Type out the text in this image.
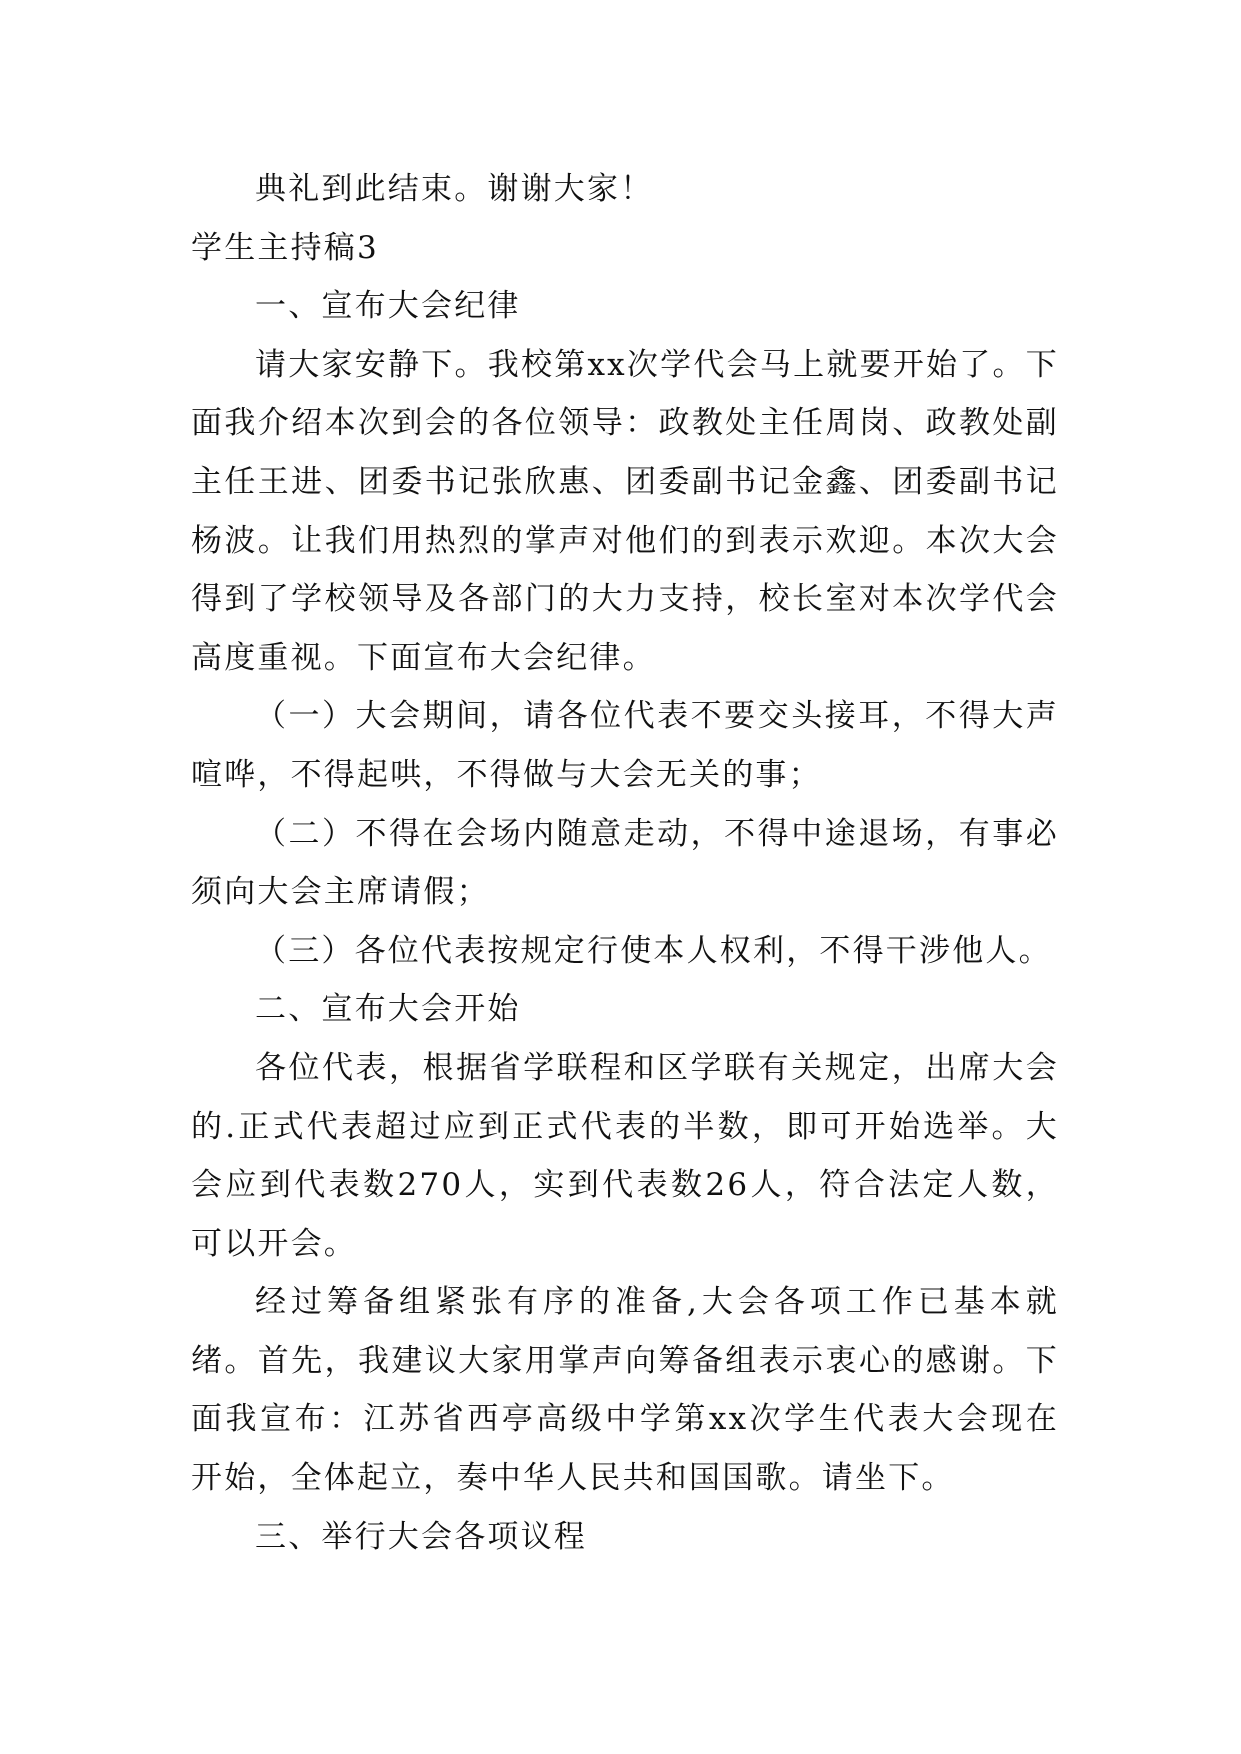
典礼到此结束。谢谢大家！

学生主持稿3

一、宣布大会纪律

请大家安静下。我校第xx次学代会马上就要开始了。下面我介绍本次到会的各位领导：政教处主任周岗、政教处副主任王进、团委书记张欣惠、团委副书记金鑫、团委副书记杨波。让我们用热烈的掌声对他们的到表示欢迎。本次大会得到了学校领导及各部门的大力支持，校长室对本次学代会高度重视。下面宣布大会纪律。

（一）大会期间，请各位代表不要交头接耳，不得大声喧哗，不得起哄，不得做与大会无关的事；

（二）不得在会场内随意走动，不得中途退场，有事必须向大会主席请假；

（三）各位代表按规定行使本人权利，不得干涉他人。

二、宣布大会开始

各位代表，根据省学联程和区学联有关规定，出席大会的.正式代表超过应到正式代表的半数，即可开始选举。大会应到代表数270人，实到代表数26人，符合法定人数，可以开会。

经过筹备组紧张有序的准备,大会各项工作已基本就绪。首先，我建议大家用掌声向筹备组表示衷心的感谢。下面我宣布：江苏省西亭高级中学第xx次学生代表大会现在开始，全体起立，奏中华人民共和国国歌。请坐下。

三、举行大会各项议程
